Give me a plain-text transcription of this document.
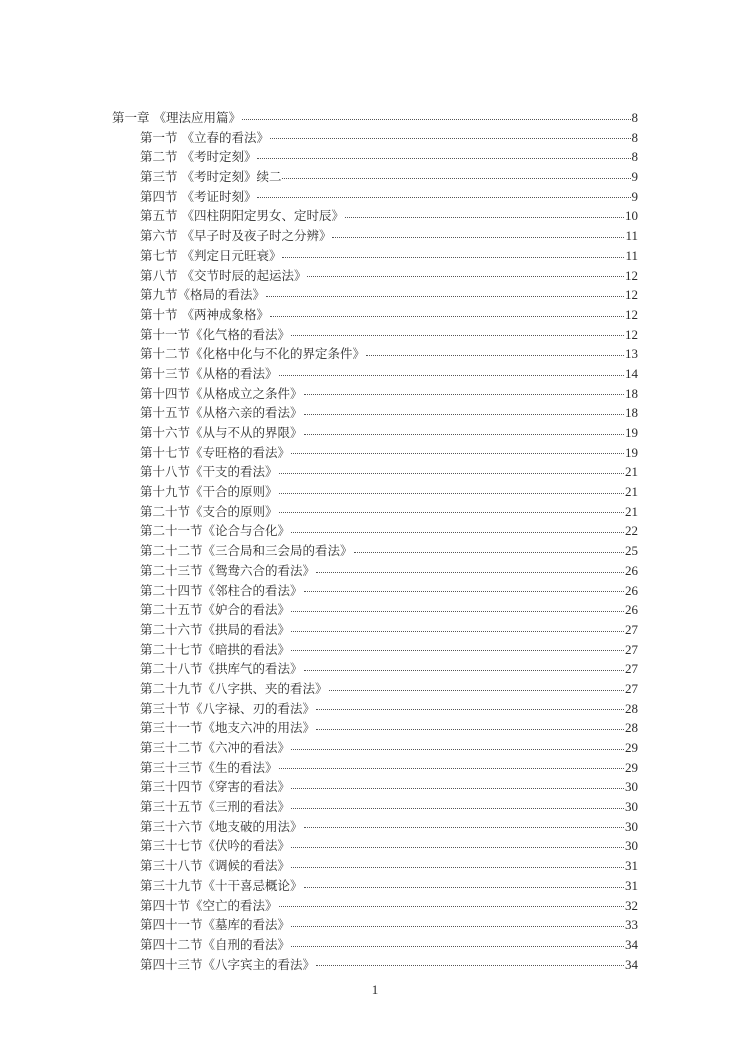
第一章 《理法应用篇》	8
第一节 《立春的看法》	8
第二节 《考时定刻》	8
第三节 《考时定刻》续二	9
第四节 《考证时刻》	9
第五节 《四柱阴阳定男女、定时辰》	10
第六节 《早子时及夜子时之分辨》	11
第七节 《判定日元旺衰》	11
第八节 《交节时辰的起运法》	12
第九节《格局的看法》	12
第十节 《两神成象格》	12
第十一节《化气格的看法》	12
第十二节《化格中化与不化的界定条件》	13
第十三节《从格的看法》	14
第十四节《从格成立之条件》	18
第十五节《从格六亲的看法》	18
第十六节《从与不从的界限》	19
第十七节《专旺格的看法》	19
第十八节《干支的看法》	21
第十九节《干合的原则》	21
第二十节《支合的原则》	21
第二十一节《论合与合化》	22
第二十二节《三合局和三会局的看法》	25
第二十三节《鸳鸯六合的看法》	26
第二十四节《邻柱合的看法》	26
第二十五节《妒合的看法》	26
第二十六节《拱局的看法》	27
第二十七节《暗拱的看法》	27
第二十八节《拱库气的看法》	27
第二十九节《八字拱、夹的看法》	27
第三十节《八字禄、刃的看法》	28
第三十一节《地支六冲的用法》	28
第三十二节《六冲的看法》	29
第三十三节《生的看法》	29
第三十四节《穿害的看法》	30
第三十五节《三刑的看法》	30
第三十六节《地支破的用法》	30
第三十七节《伏吟的看法》	30
第三十八节《调候的看法》	31
第三十九节《十干喜忌概论》	31
第四十节《空亡的看法》	32
第四十一节《墓库的看法》	33
第四十二节《自刑的看法》	34
第四十三节《八字宾主的看法》	34
1
